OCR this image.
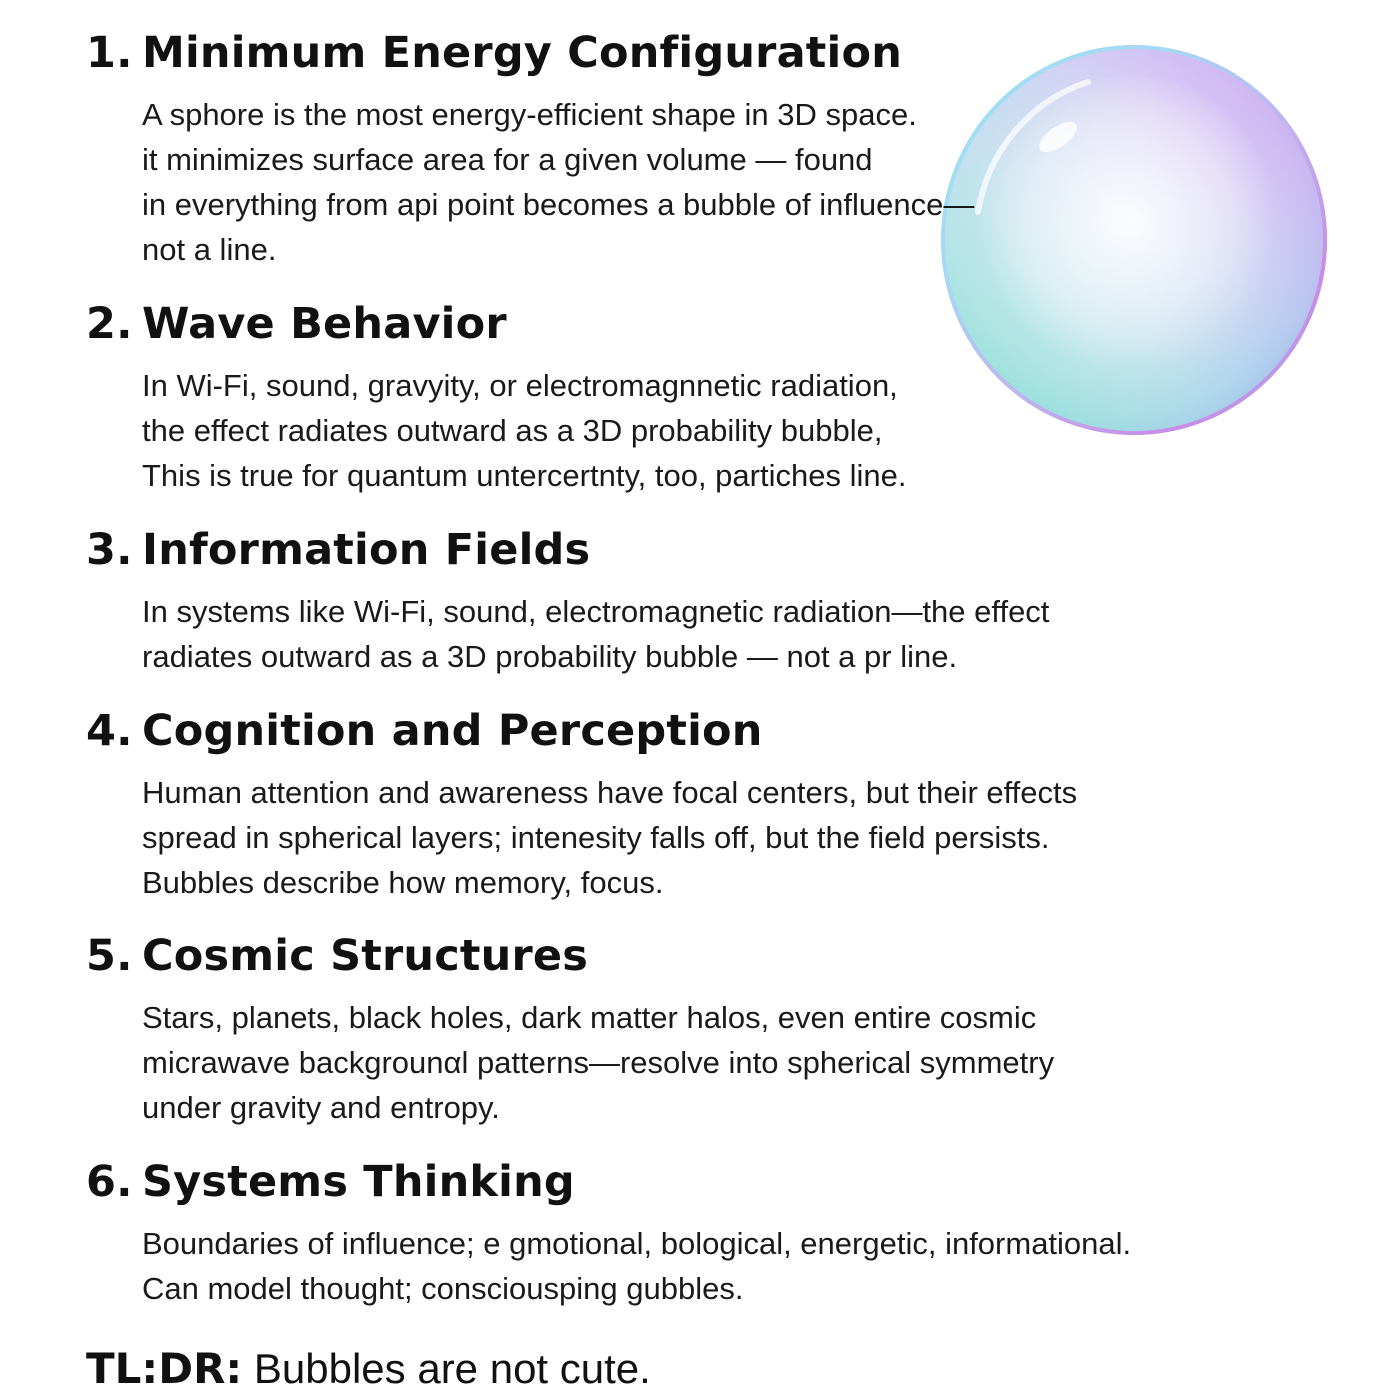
1. Minimum Energy Configuration

A sphore is the most energy-efficient shape in 3D space.
it minimizes surface area for a given volume — found
in everything from api point becomes a bubble of influence—
not a line.

2. Wave Behavior

In Wi-Fi, sound, gravyity, or electromagnnetic radiation,
the effect radiates outward as a 3D probability bubble,
This is true for quantum untercertnty, too, partiches line.

3. Information Fields

In systems like Wi-Fi, sound, electromagnetic radiation—the effect
radiates outward as a 3D probability bubble — not a pr line.

4. Cognition and Perception

Human attention and awareness have focal centers, but their effects
spread in spherical layers; intenesity falls off, but the field persists.
Bubbles describe how memory, focus.

5. Cosmic Structures

Stars, planets, black holes, dark matter halos, even entire cosmic
micrawave backgrounαl patterns—resolve into spherical symmetry
under gravity and entropy.

6. Systems Thinking

Boundaries of influence; e gmotional, bological, energetic, informational.
Can model thought; consciousping gubbles.

TL:DR: Bubbles are not cute.
